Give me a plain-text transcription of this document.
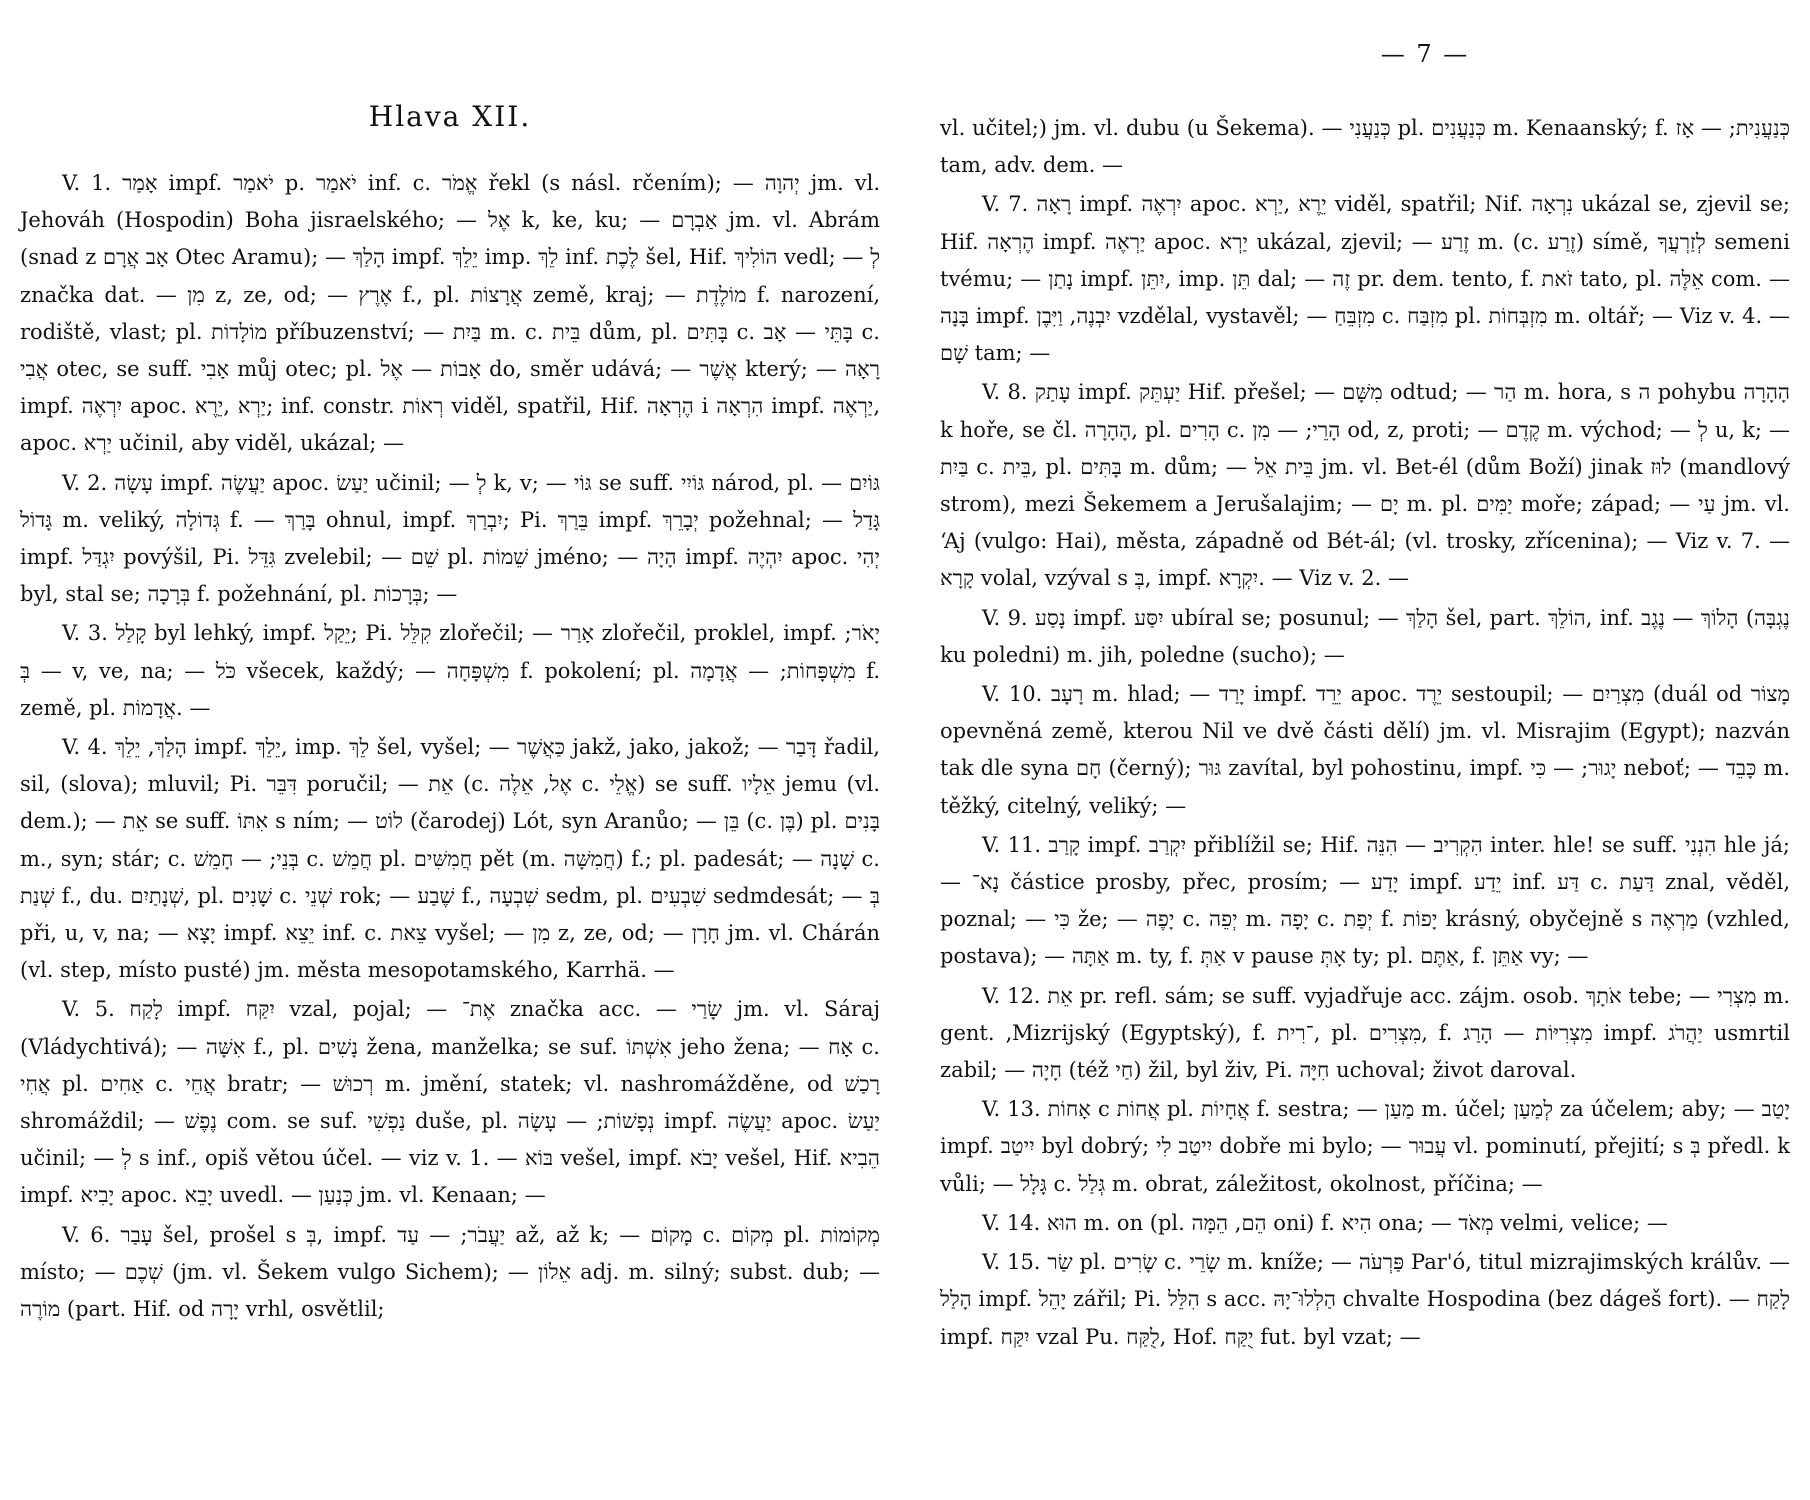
Hlava XII.

V. 1. אָמַר impf. יֹאמַר p. יֹאמַר inf. c. אֱמֹר řekl (s násl. rčením); — יְהוָה jm. vl. Jehováh (Hospodin) Boha jisraelského; — אֶל k, ke, ku; — אַבְרָם jm. vl. Abrám (snad z אָב אֲרָם Otec Aramu); — הָלַךְ impf. יֵלֵךְ imp. לֵךְ inf. לֶכֶת šel, Hif. הוֹלִיךְ vedl; — לְ značka dat. — מִן z, ze, od; — אֶרֶץ f., pl. אֲרָצוֹת země, kraj; — מוֹלֶדֶת f. narození, rodiště, vlast; pl. מוֹלָדוֹת příbuzenství; — בַּיִת m. c. בֵּית dům, pl. בָּתִּים c. בָּתֵּי — אָב c. אֲבִי otec, se suff. אָבִי můj otec; pl. אָבוֹת — אֶל do, směr udává; — אֲשֶׁר který; — רָאָה impf. יִרְאֶה apoc. יַרְא ,יֵרֶא; inf. constr. רְאוֹת viděl, spatřil, Hif. הֶרְאָה i הִרְאָה impf. יַרְאֶה, apoc. יַרְא učinil, aby viděl, ukázal; —

V. 2. עָשָׂה impf. יַעֲשֶׂה apoc. יַעַשׂ učinil; — לְ k, v; — גּוֹי se suff. גּוֹיִי národ, pl. גּוֹיִם — גָּדוֹל m. veliký, גְּדוֹלָה f. — בָּרַךְ ohnul, impf. יִבְרַךְ; Pi. בֵּרַךְ impf. יְבָרֵךְ požehnal; — גָּדַל impf. יִגְדַּל povýšil, Pi. גִּדֵּל zvelebil; — שֵׁם pl. שֵׁמוֹת jméno; — הָיָה impf. יִהְיֶה apoc. יְהִי byl, stal se; בְּרָכָה f. požehnání, pl. בְּרָכוֹת; —

V. 3. קָלַל byl lehký, impf. יֵקַל; Pi. קִלֵּל zlořečil; — אָרַר zlořečil, proklel, impf. יָאֹר; — בְּ v, ve, na; — כֹּל všecek, každý; — מִשְׁפָּחָה f. pokolení; pl. מִשְׁפָּחוֹת; — אֲדָמָה f. země, pl. אֲדָמוֹת. —

V. 4. הָלַךְ, יֵלֵךְ impf. יֵלֵךְ, imp. לֵךְ šel, vyšel; — כַּאֲשֶׁר jakž, jako, jakož; — דָּבַר řadil, sil, (slova); mluvil; Pi. דִּבֵּר poručil; — אֵת (c. אֶל, אֵלֶה c. אֱלֵי) se suff. אֵלָיו jemu (vl. dem.); — אֵת se suff. אִתּוֹ s ním; — לוֹט (čarodej) Lót, syn Aranůo; — בֵּן (c. בֶּן) pl. בָּנִים m., syn; stár; c. בְּנֵי; — חָמֵשׁ c. חֲמֵשׁ pl. חֲמִשִּׁים pět (m. חֲמִשָּׁה) f.; pl. padesát; — שָׁנָה c. שְׁנַת f., du. שְׁנָתַיִם, pl. שָׁנִים c. שְׁנֵי rok; — שֶׁבַע f., שִׁבְעָה sedm, pl. שִׁבְעִים sedmdesát; — בְּ při, u, v, na; — יָצָא impf. יֵצֵא inf. c. צֵאת vyšel; — מִן z, ze, od; — חָרָן jm. vl. Chárán (vl. step, místo pusté) jm. města mesopotamského, Karrhä. —

V. 5. לָקַח impf. יִקַּח vzal, pojal; — אֶת־ značka acc. — שָׂרַי jm. vl. Sáraj (Vládychtivá); — אִשָּׁה f., pl. נָשִׁים žena, manželka; se suf. אִשְׁתּוֹ jeho žena; — אָח c. אֲחִי pl. אַחִים c. אֲחֵי bratr; — רְכוּשׁ m. jmění, statek; vl. nashromážděne, od רָכַשׁ shromáždil; — נֶפֶשׁ com. se suf. נַפְשִׁי duše, pl. נְפָשׁוֹת; — עָשָׂה impf. יַעֲשֶׂה apoc. יַעַשׂ učinil; — לְ s inf., opiš větou účel. — viz v. 1. — בּוֹא vešel, impf. יָבֹא vešel, Hif. הֵבִיא impf. יָבִיא apoc. יָבֵא uvedl. — כְּנַעַן jm. vl. Kenaan; —

V. 6. עָבַר šel, prošel s בְּ, impf. יַעֲבֹר; — עַד až, až k; — מָקוֹם c. מְקוֹם pl. מְקוֹמוֹת místo; — שְׁכֶם (jm. vl. Šekem vulgo Sichem); — אֵלוֹן adj. m. silný; subst. dub; — מוֹרֶה (part. Hif. od יָרָה vrhl, osvětlil;

— 7 —

vl. učitel;) jm. vl. dubu (u Šekema). — כְּנַעֲנִי pl. כְּנַעֲנִים m. Kenaanský; f. כְּנַעֲנִית; — אָז tam, adv. dem. —

V. 7. רָאָה impf. יִרְאֶה apoc. יֵרֶא ,יַרְא viděl, spatřil; Nif. נִרְאָה ukázal se, zjevil se; Hif. הֶרְאָה impf. יַרְאֶה apoc. יַרְא ukázal, zjevil; — זֶרַע m. (c. זֶרַע) símě, לְזַרְעֲךָ semeni tvému; — נָתַן impf. יִתֵּן, imp. תֵּן dal; — זֶה pr. dem. tento, f. זֹאת tato, pl. אֵלֶּה com. — בָּנָה impf. יִבְנֶה, וַיִּבֶן vzdělal, vystavěl; — מִזְבֵּחַ c. מִזְבַּח pl. מִזְבְּחוֹת m. oltář; — Viz v. 4. — שָׁם tam; —

V. 8. עָתַק impf. יַעְתֵּק Hif. přešel; — מִשָּׁם odtud; — הַר m. hora, s ה pohybu הָהָרָה k hoře, se čl. הָהָרָה, pl. הָרִים c. הָרֵי; — מִן od, z, proti; — קֶדֶם m. východ; — לְ u, k; — בַּיִת c. בֵּית, pl. בָּתִּים m. dům; — בֵּית אֵל jm. vl. Bet-él (dům Boží) jinak לוּז (mandlový strom), mezi Šekemem a Jerušalajim; — יָם m. pl. יַמִּים moře; západ; — עַי jm. vl. ʻAj (vulgo: Hai), města, západně od Bét-ál; (vl. trosky, zřícenina); — Viz v. 7. — קָרָא volal, vzýval s בְּ, impf. יִקְרָא. — Viz v. 2. —

V. 9. נָסַע impf. יִסַּע ubíral se; posunul; — הָלַךְ šel, part. הוֹלֵךְ, inf. הָלוֹךְ — נֶגֶב (נֶגְבָּה ku poledni) m. jih, poledne (sucho); —

V. 10. רָעָב m. hlad; — יָרַד impf. יֵרֵד apoc. יֵרֶד sestoupil; — מִצְרַיִם (duál od מָצוֹר opevněná země, kterou Nil ve dvě části dělí) jm. vl. Misrajim (Egypt); nazván tak dle syna חָם (černý); גּוּר zavítal, byl pohostinu, impf. יָגוּר; — כִּי neboť; — כָּבֵד m. těžký, citelný, veliký; —

V. 11. קָרַב impf. יִקְרַב přiblížil se; Hif. הִקְרִיב — הִנֵּה inter. hle! se suff. הִנְנִי hle já; — נָא־ částice prosby, přec, prosím; — יָדַע impf. יֵדַע inf. דַּע c. דַּעַת znal, věděl, poznal; — כִּי že; — יָפֶה c. יְפֵה m. יָפָה c. יְפַת f. יָפוֹת krásný, obyčejně s מַרְאֶה (vzhled, postava); — אַתָּה m. ty, f. אַתְּ v pause אָתְּ ty; pl. אַתֶּם, f. אַתֵּן vy; —

V. 12. אֵת pr. refl. sám; se suff. vyjadřuje acc. zájm. osob. אֹתָךְ tebe; — מִצְרִי m. gent. ‚Mizrijský (Egyptský), f. ־רִית, pl. מִצְרִים, f. מִצְרִיּוֹת — הָרַג impf. יַהֲרֹג usmrtil zabil; — חָיָה (též חַי) žil, byl živ, Pi. חִיָּה uchoval; život daroval.

V. 13. אָחוֹת c אֲחוֹת pl. אֲחָיוֹת f. sestra; — מַעַן m. účel; לְמַעַן za účelem; aby; — יָטַב impf. יִיטַב byl dobrý; יִיטַב לִי dobře mi bylo; — עֲבוּר vl. pominutí, přejití; s בְּ předl. k vůli; — גָּלָל c. גְּלַל m. obrat, záležitost, okolnost, příčina; —

V. 14. הוּא m. on (pl. הֵם, הֵמָּה oni) f. הִיא ona; — מְאֹד velmi, velice; —

V. 15. שַׂר pl. שָׂרִים c. שָׂרֵי m. kníže; — פַּרְעֹה Par'ó, titul mizrajimských králův. — הָלַל impf. יָהֵל zářil; Pi. הִלֵּל s acc. הַלְלוּ־יָהּ chvalte Hospodina (bez dágeš fort). — לָקַח impf. יִקַּח vzal Pu. לֻקַּח, Hof. יֻקַּח fut. byl vzat; —
